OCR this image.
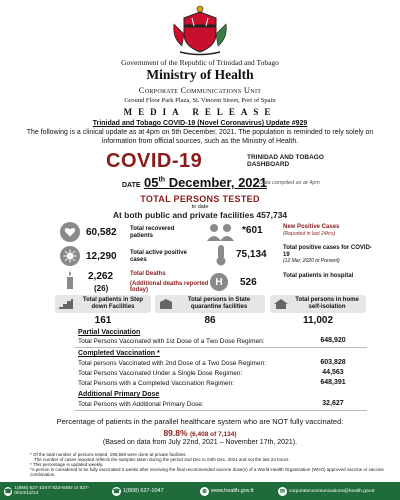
Government of the Republic of Trinidad and Tobago
Ministry of Health
Corporate Communications Unit
Ground Floor Park Plaza, St. Vincent Street, Port of Spain
MEDIA RELEASE
Trinidad and Tobago COVID-19 (Novel Coronavirus) Update #929
The following is a clinical update as at 4pm on 5th December, 2021. The population is reminded to rely solely on information from official sources, such as the Ministry of Health.
COVID-19	TRINIDAD AND TOBAGO
DASHBOARD
DATE 05th December, 2021
Data compiled as at 4pm
TOTAL PERSONS TESTED
to date
At both public and private facilities 457,734
60,582 Total recovered patients	*601	New Positive Cases
(Reported in last 24hrs)
12,290 Total active positive cases	75,134
Total positive cases for COVID-19
(12 Mar, 2020 to Present)
2,262
(26)
Total Deaths
(Additional deaths reported today)
H 526
Total patients in hospital
Total patients in Step down Facilities
161
Total persons in State quarantine facilities
86
Total persons in home self-isolation
11,002
Partial Vaccination
Total Persons Vaccinated with 1st Dose of a Two Dose Regimen:	648,920
Completed Vaccination *
Total persons Vaccinated with 2nd Dose of a Two Dose Regimen:	603,828
Total Persons Vaccinated Under a Single Dose Regimen:	44,563
Total Persons with a Completed Vaccination Regimen:	648,391
Additional Primary Dose
Total Persons with Additional Primary Dose:	32,627
Percentage of patients in the parallel healthcare system who are NOT fully vaccinated:
89.8% (6,408 of 7,134)
(Based on data from July 22nd, 2021 – November 17th, 2021).
* Of the total number of persons tested, 196,569 were done at private facilities.
The number of cases reported reflects the samples taken during the period 2nd Dec to 04th Dec, 2021 and not the last 24 hours.
* This percentage is updated weekly.
*A person is considered to be fully vaccinated 2 weeks after receiving the final recommended vaccine dose(s) of a World Health Organisation (WHO) approved vaccine or vaccine combination.
☎ 1(868) 627-1047/ 623-8492 or 627-0010/12/14	☎ 1(868) 627-1047	⊕ www.health.gov.tt	✉ corporatecommunications@health.gov.tt
